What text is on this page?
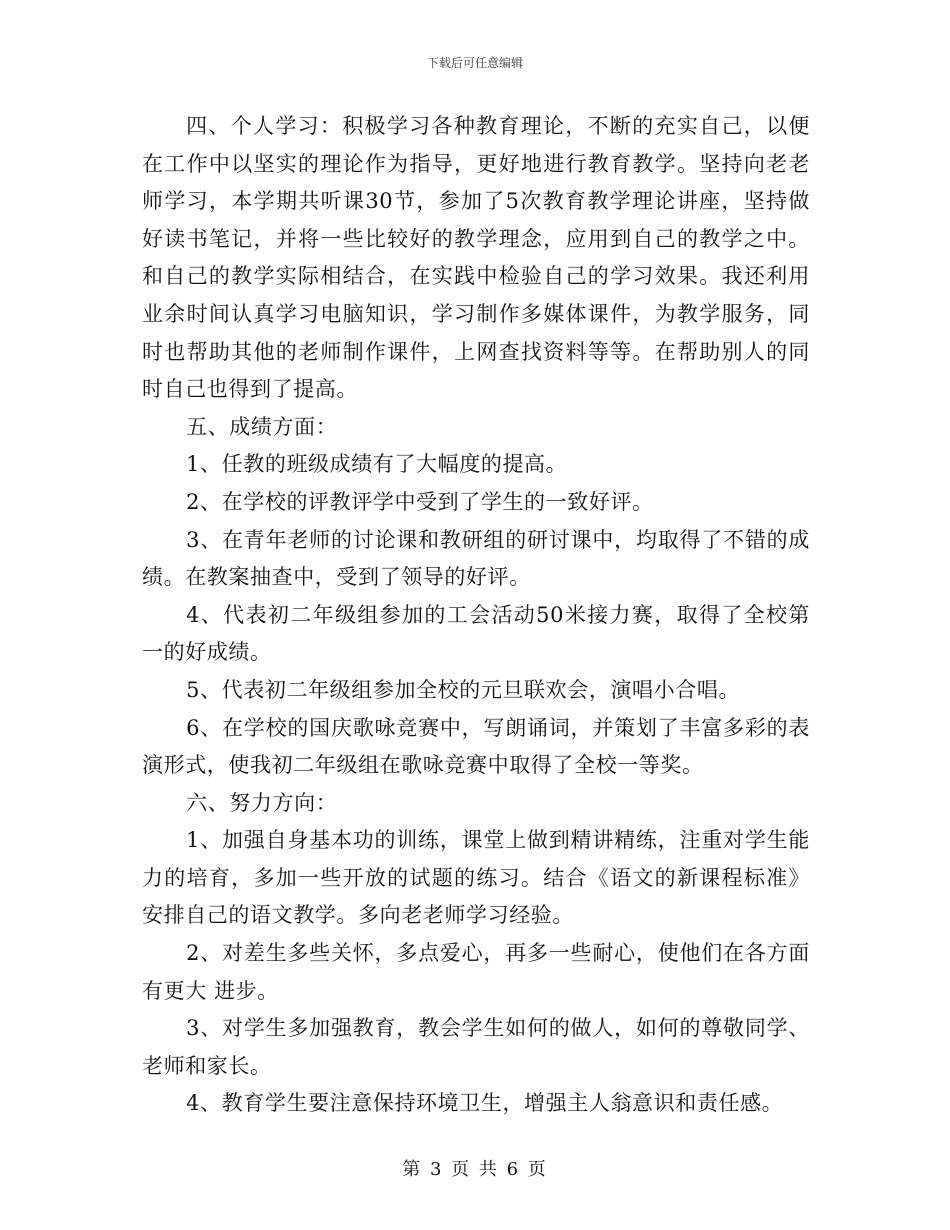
下载后可任意编辑

四、个人学习：积极学习各种教育理论，不断的充实自己，以便在工作中以坚实的理论作为指导，更好地进行教育教学。坚持向老老师学习，本学期共听课30节，参加了5次教育教学理论讲座，坚持做好读书笔记，并将一些比较好的教学理念，应用到自己的教学之中。和自己的教学实际相结合，在实践中检验自己的学习效果。我还利用业余时间认真学习电脑知识，学习制作多媒体课件，为教学服务，同时也帮助其他的老师制作课件，上网查找资料等等。在帮助别人的同时自己也得到了提高。

五、成绩方面：

1、任教的班级成绩有了大幅度的提高。

2、在学校的评教评学中受到了学生的一致好评。

3、在青年老师的讨论课和教研组的研讨课中，均取得了不错的成绩。在教案抽查中，受到了领导的好评。

4、代表初二年级组参加的工会活动50米接力赛，取得了全校第一的好成绩。

5、代表初二年级组参加全校的元旦联欢会，演唱小合唱。

6、在学校的国庆歌咏竞赛中，写朗诵词，并策划了丰富多彩的表演形式，使我初二年级组在歌咏竞赛中取得了全校一等奖。

六、努力方向：

1、加强自身基本功的训练，课堂上做到精讲精练，注重对学生能力的培育，多加一些开放的试题的练习。结合《语文的新课程标准》安排自己的语文教学。多向老老师学习经验。

2、对差生多些关怀，多点爱心，再多一些耐心，使他们在各方面有更大 进步。

3、对学生多加强教育，教会学生如何的做人，如何的尊敬同学、老师和家长。

4、教育学生要注意保持环境卫生，增强主人翁意识和责任感。

第 3 页 共 6 页
